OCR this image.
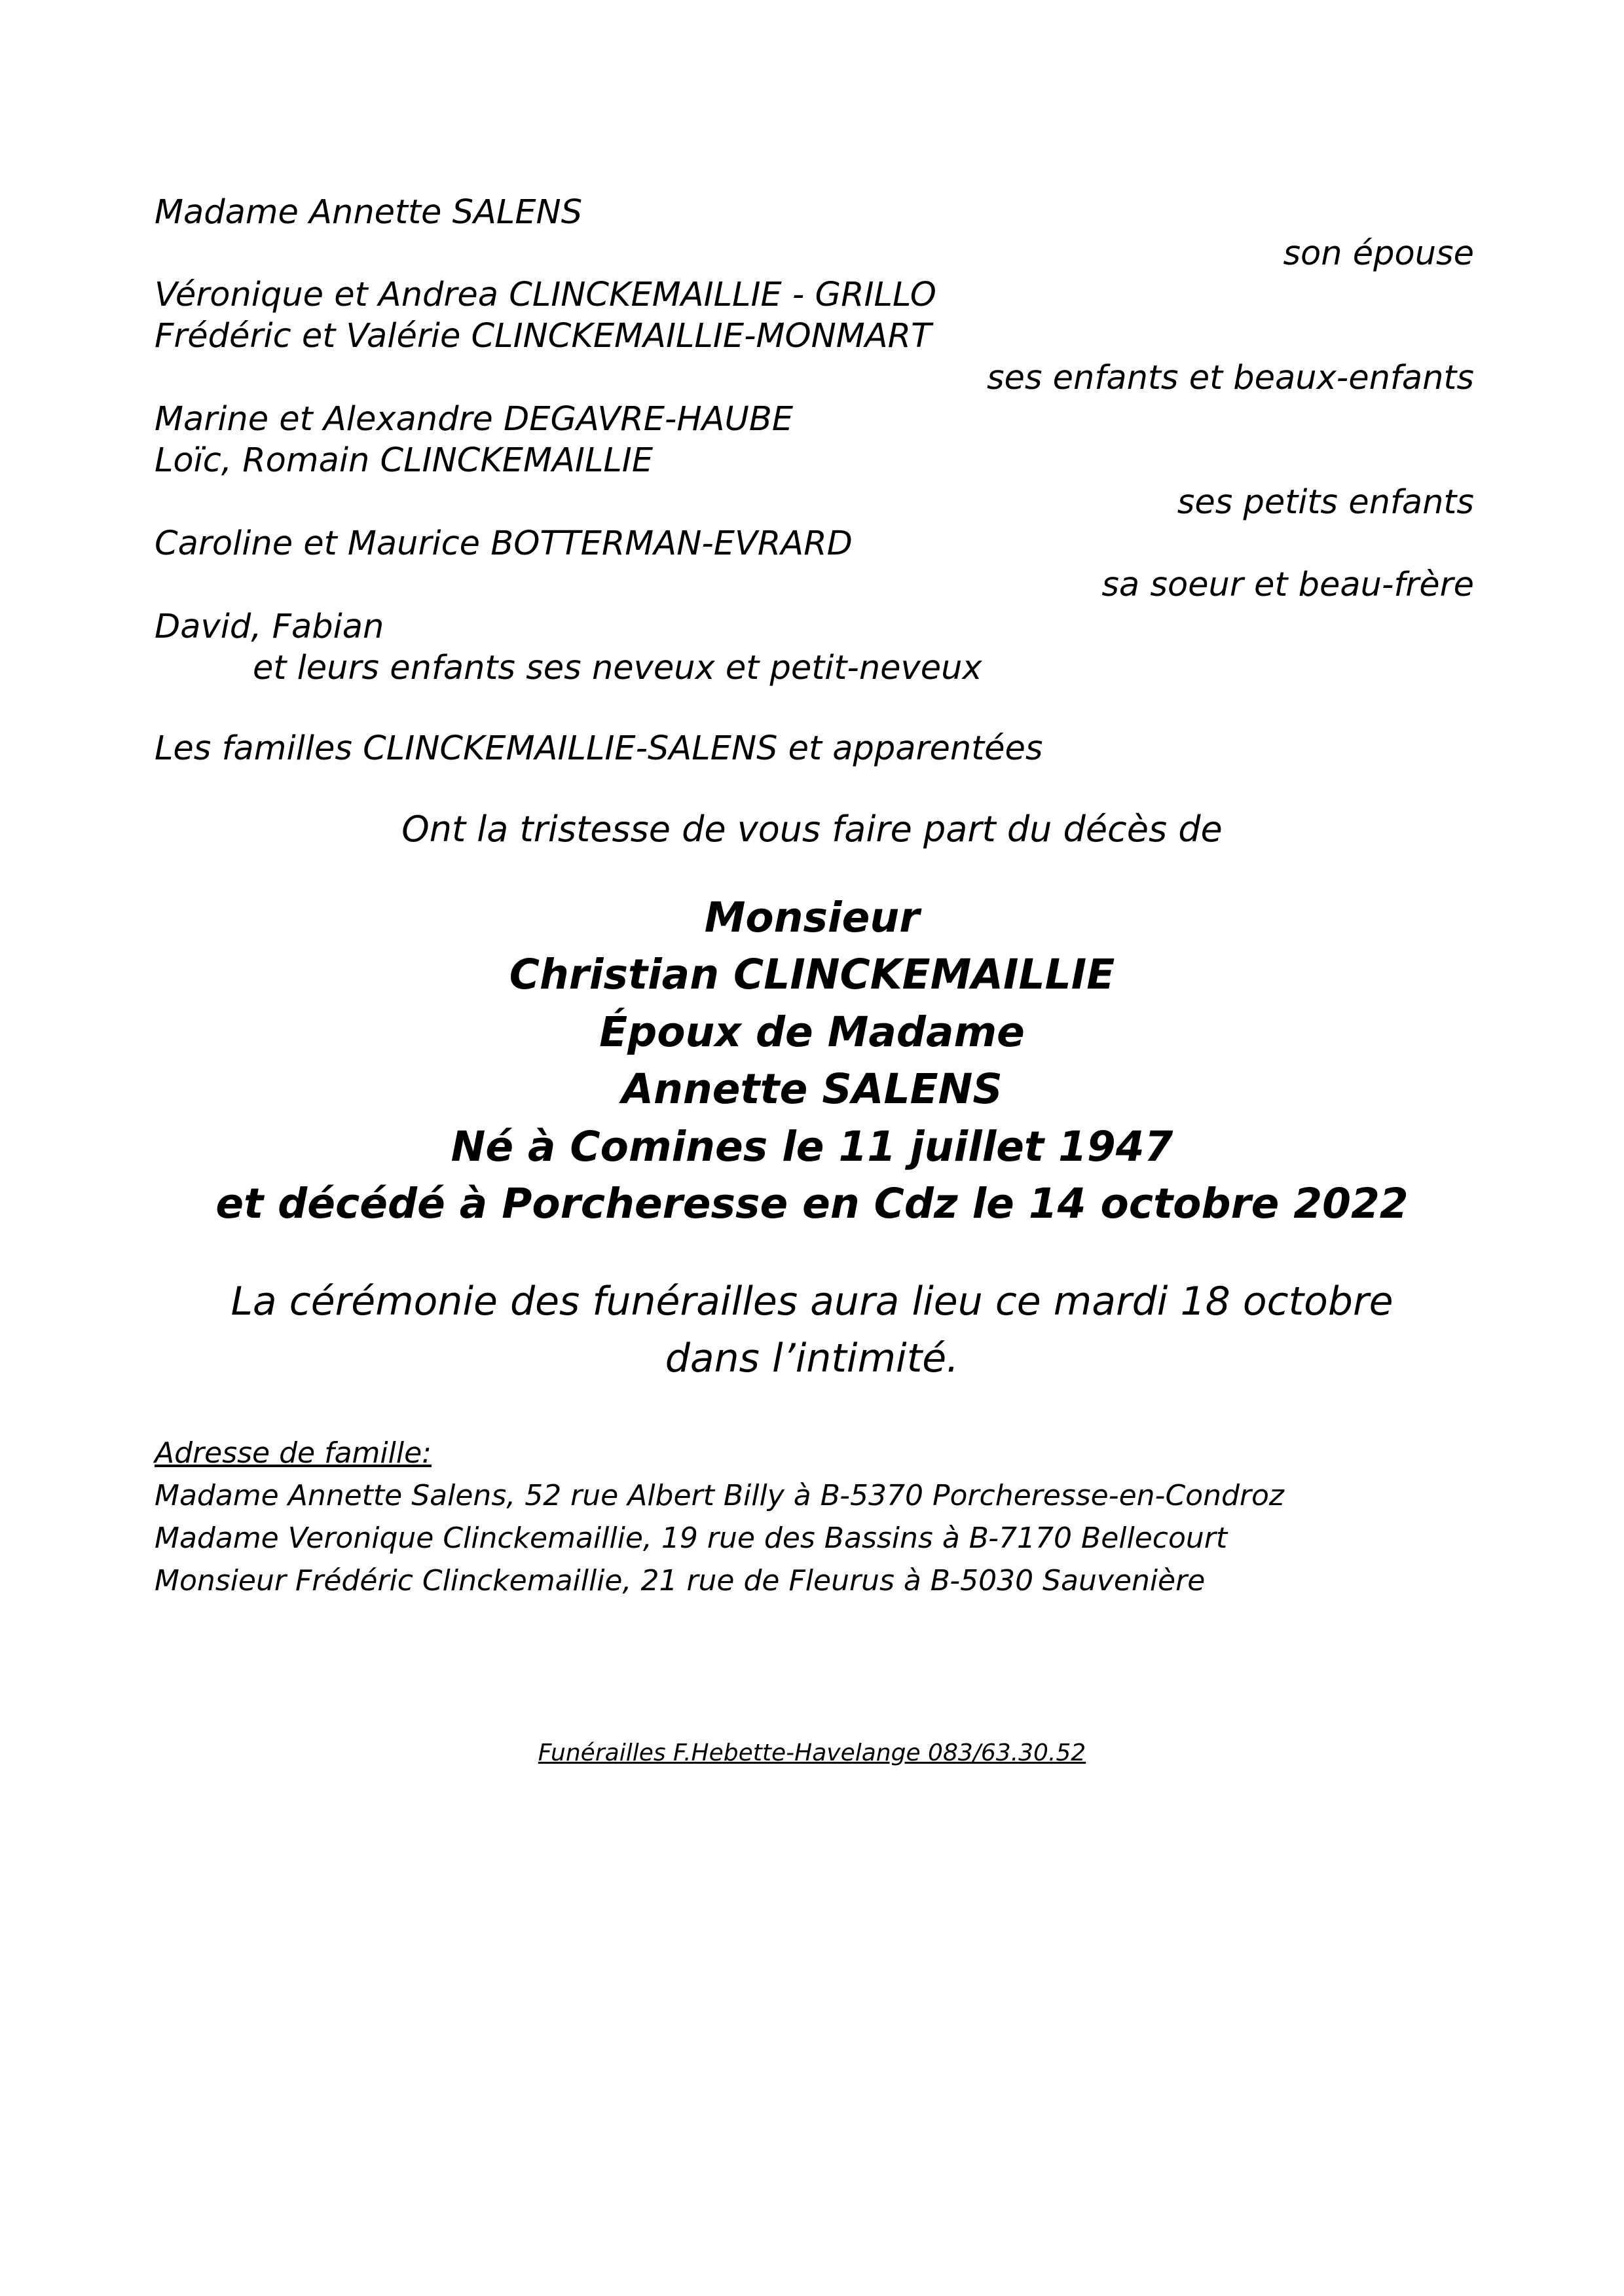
Madame Annette SALENS
son épouse
Véronique et Andrea CLINCKEMAILLIE - GRILLO
Frédéric et Valérie CLINCKEMAILLIE-MONMART
ses enfants et beaux-enfants
Marine et Alexandre DEGAVRE-HAUBE
Loïc, Romain CLINCKEMAILLIE
ses petits enfants
Caroline et Maurice BOTTERMAN-EVRARD
sa soeur et beau-frère
David, Fabian
et leurs enfants ses neveux et petit-neveux
Les familles CLINCKEMAILLIE-SALENS et apparentées
Ont la tristesse de vous faire part du décès de
Monsieur
Christian CLINCKEMAILLIE
Époux de Madame
Annette SALENS
Né à Comines le 11 juillet 1947
et décédé à Porcheresse en Cdz le 14 octobre 2022
La cérémonie des funérailles aura lieu ce mardi 18 octobre
dans l’intimité.
Adresse de famille:
Madame Annette Salens, 52 rue Albert Billy à B-5370 Porcheresse-en-Condroz
Madame Veronique Clinckemaillie, 19 rue des Bassins à B-7170 Bellecourt
Monsieur Frédéric Clinckemaillie, 21 rue de Fleurus à B-5030 Sauvenière
Funérailles F.Hebette-Havelange 083/63.30.52
